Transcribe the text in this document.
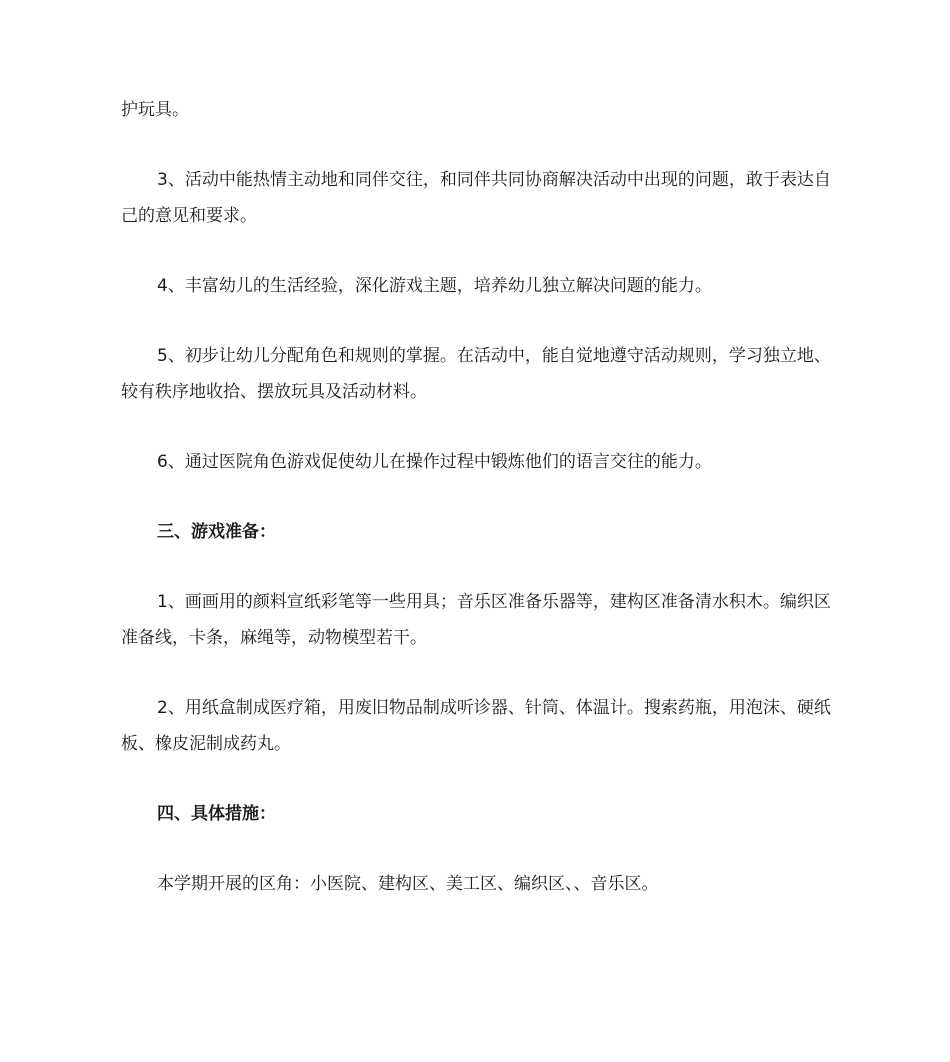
护玩具。

3、活动中能热情主动地和同伴交往，和同伴共同协商解决活动中出现的问题，敢于表达自己的意见和要求。

4、丰富幼儿的生活经验，深化游戏主题，培养幼儿独立解决问题的能力。

5、初步让幼儿分配角色和规则的掌握。在活动中，能自觉地遵守活动规则，学习独立地、较有秩序地收拾、摆放玩具及活动材料。

6、通过医院角色游戏促使幼儿在操作过程中锻炼他们的语言交往的能力。

三、游戏准备：

1、画画用的颜料宣纸彩笔等一些用具；音乐区准备乐器等，建构区准备清水积木。编织区准备线，卡条，麻绳等，动物模型若干。

2、用纸盒制成医疗箱，用废旧物品制成听诊器、针筒、体温计。搜索药瓶，用泡沫、硬纸板、橡皮泥制成药丸。

四、具体措施：

本学期开展的区角：小医院、建构区、美工区、编织区、、音乐区。
